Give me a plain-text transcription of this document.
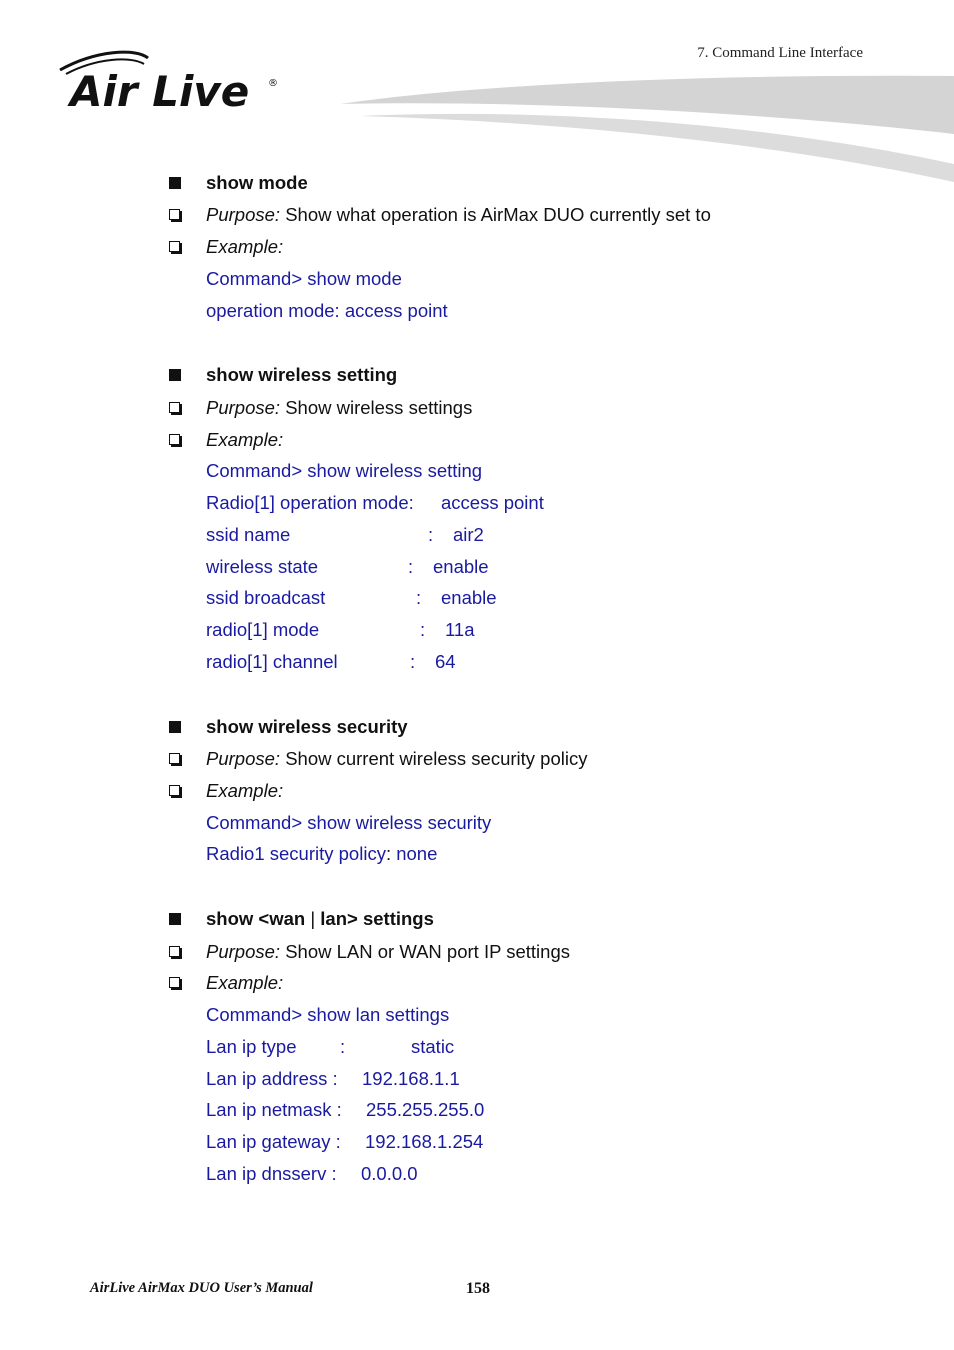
7. Command Line Interface
Air Live ®
show mode
Purpose: Show what operation is AirMax DUO currently set to
Example:
Command> show mode
operation mode: access point
show wireless setting
Purpose: Show wireless settings
Example:
Command> show wireless setting
Radio[1] operation mode: access point
ssid name	: air2
wireless state	: enable
ssid broadcast	: enable
radio[1] mode	: 11a
radio[1] channel	: 64
show wireless security
Purpose: Show current wireless security policy
Example:
Command> show wireless security
Radio1 security policy: none
show <wan | lan> settings
Purpose: Show LAN or WAN port IP settings
Example:
Command> show lan settings
Lan ip type :	static
Lan ip address : 192.168.1.1
Lan ip netmask : 255.255.255.0
Lan ip gateway : 192.168.1.254
Lan ip dnsserv : 0.0.0.0
AirLive AirMax DUO User’s Manual	158
